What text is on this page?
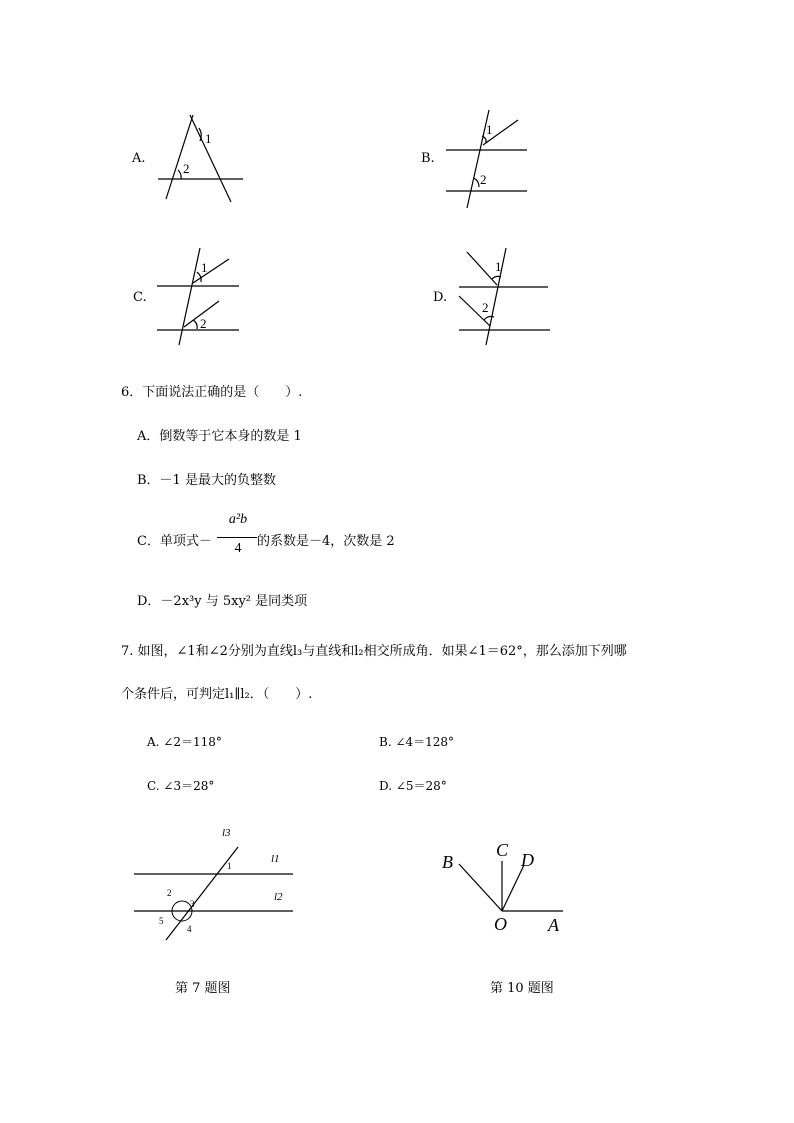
A.
1
2
B.
1
2
C.
1
2
D.
1
2
6．下面说法正确的是（　　）.
A．倒数等于它本身的数是 1
B．－1 是最大的负整数
C．单项式－
a²b
4	的系数是－4，次数是 2
D．－2x³y 与 5xy² 是同类项
7. 如图，∠1和∠2分别为直线l₃与直线和l₂相交所成角．如果∠1＝62°，那么添加下列哪
个条件后，可判定l₁∥l₂．（　　）.
A. ∠2＝118°	B. ∠4＝128°
C. ∠3＝28°	D. ∠5＝28°
l3
l1
l2
1
2
3
4
5
第 7 题图
B
C D
O A
第 10 题图
